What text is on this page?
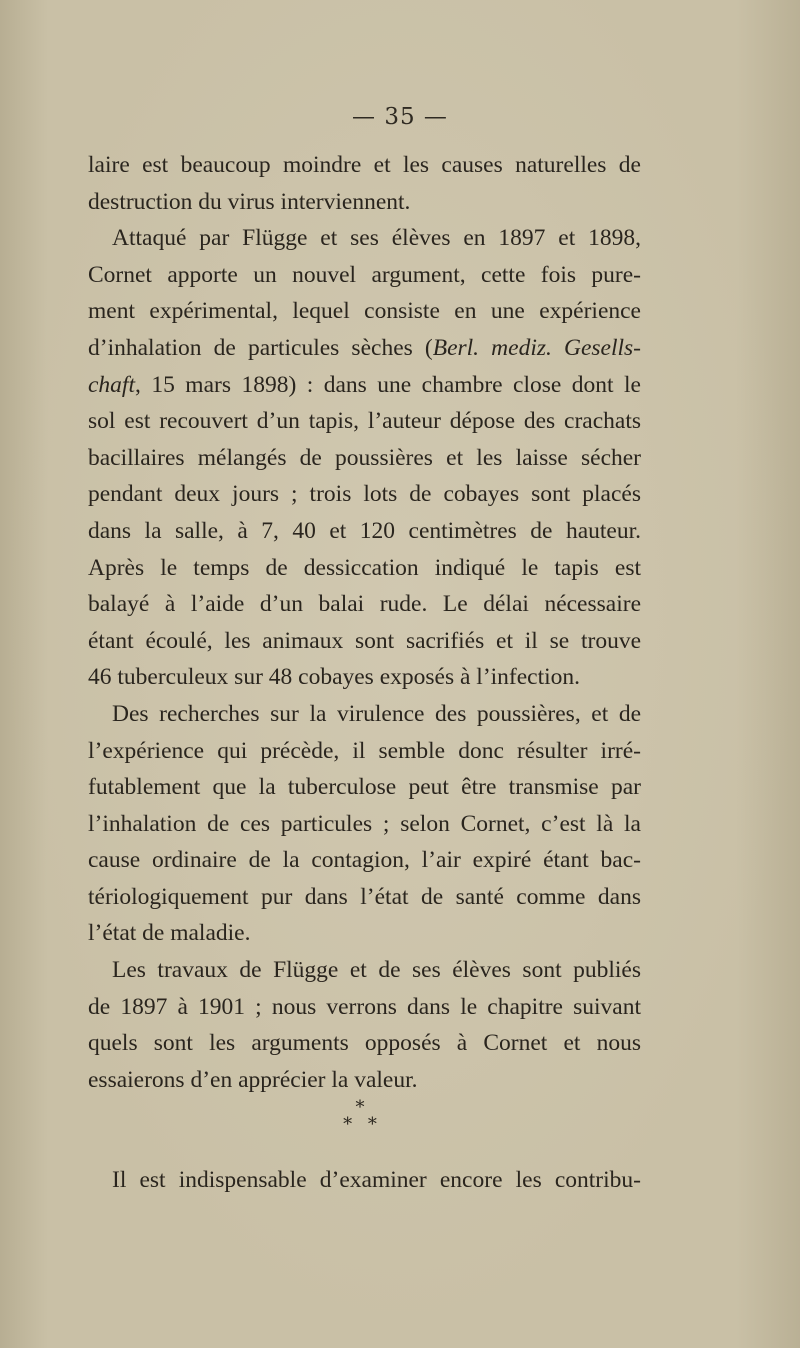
— 35 —
laire est beaucoup moindre et les causes naturelles de
destruction du virus interviennent.
Attaqué par Flügge et ses élèves en 1897 et 1898,
Cornet apporte un nouvel argument, cette fois pure-
ment expérimental, lequel consiste en une expérience
d’inhalation de particules sèches (Berl. mediz. Gesells-
chaft, 15 mars 1898) : dans une chambre close dont le
sol est recouvert d’un tapis, l’auteur dépose des crachats
bacillaires mélangés de poussières et les laisse sécher
pendant deux jours ; trois lots de cobayes sont placés
dans la salle, à 7, 40 et 120 centimètres de hauteur.
Après le temps de dessiccation indiqué le tapis est
balayé à l’aide d’un balai rude. Le délai nécessaire
étant écoulé, les animaux sont sacrifiés et il se trouve
46 tuberculeux sur 48 cobayes exposés à l’infection.
Des recherches sur la virulence des poussières, et de
l’expérience qui précède, il semble donc résulter irré-
futablement que la tuberculose peut être transmise par
l’inhalation de ces particules ; selon Cornet, c’est là la
cause ordinaire de la contagion, l’air expiré étant bac-
tériologiquement pur dans l’état de santé comme dans
l’état de maladie.
Les travaux de Flügge et de ses élèves sont publiés
de 1897 à 1901 ; nous verrons dans le chapitre suivant
quels sont les arguments opposés à Cornet et nous
essaierons d’en apprécier la valeur.
*
* *
Il est indispensable d’examiner encore les contribu-
